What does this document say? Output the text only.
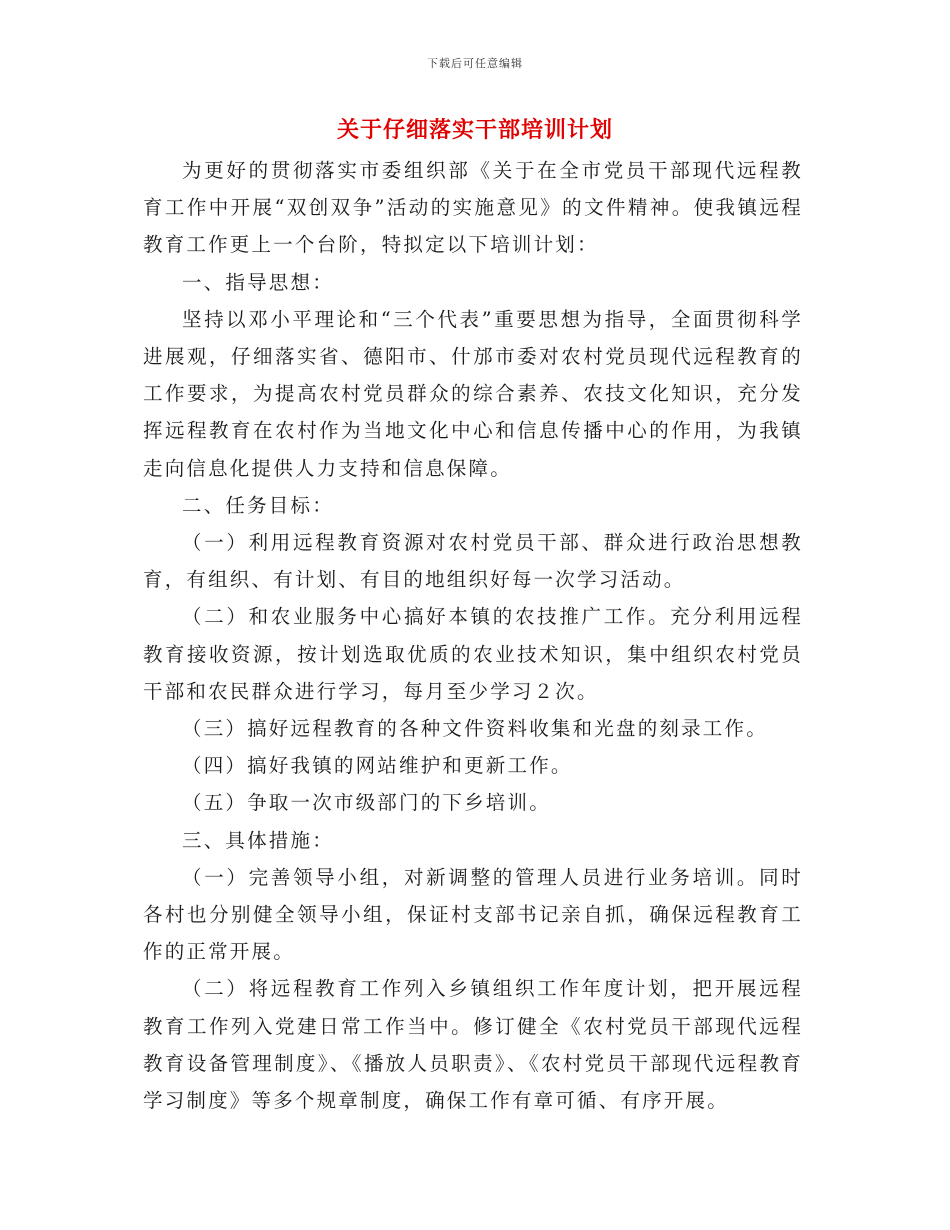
下载后可任意编辑
关于仔细落实干部培训计划

为更好的贯彻落实市委组织部《关于在全市党员干部现代远程教育工作中开展“双创双争”活动的实施意见》的文件精神。使我镇远程教育工作更上一个台阶，特拟定以下培训计划：

一、指导思想：

坚持以邓小平理论和“三个代表”重要思想为指导，全面贯彻科学进展观，仔细落实省、德阳市、什邡市委对农村党员现代远程教育的工作要求，为提高农村党员群众的综合素养、农技文化知识，充分发挥远程教育在农村作为当地文化中心和信息传播中心的作用，为我镇走向信息化提供人力支持和信息保障。

二、任务目标：

（一）利用远程教育资源对农村党员干部、群众进行政治思想教育，有组织、有计划、有目的地组织好每一次学习活动。

（二）和农业服务中心搞好本镇的农技推广工作。充分利用远程教育接收资源，按计划选取优质的农业技术知识，集中组织农村党员干部和农民群众进行学习，每月至少学习２次。

（三）搞好远程教育的各种文件资料收集和光盘的刻录工作。

（四）搞好我镇的网站维护和更新工作。

（五）争取一次市级部门的下乡培训。

三、具体措施：

（一）完善领导小组，对新调整的管理人员进行业务培训。同时各村也分别健全领导小组，保证村支部书记亲自抓，确保远程教育工作的正常开展。

（二）将远程教育工作列入乡镇组织工作年度计划，把开展远程教育工作列入党建日常工作当中。修订健全《农村党员干部现代远程教育设备管理制度》、《播放人员职责》、《农村党员干部现代远程教育学习制度》等多个规章制度，确保工作有章可循、有序开展。
